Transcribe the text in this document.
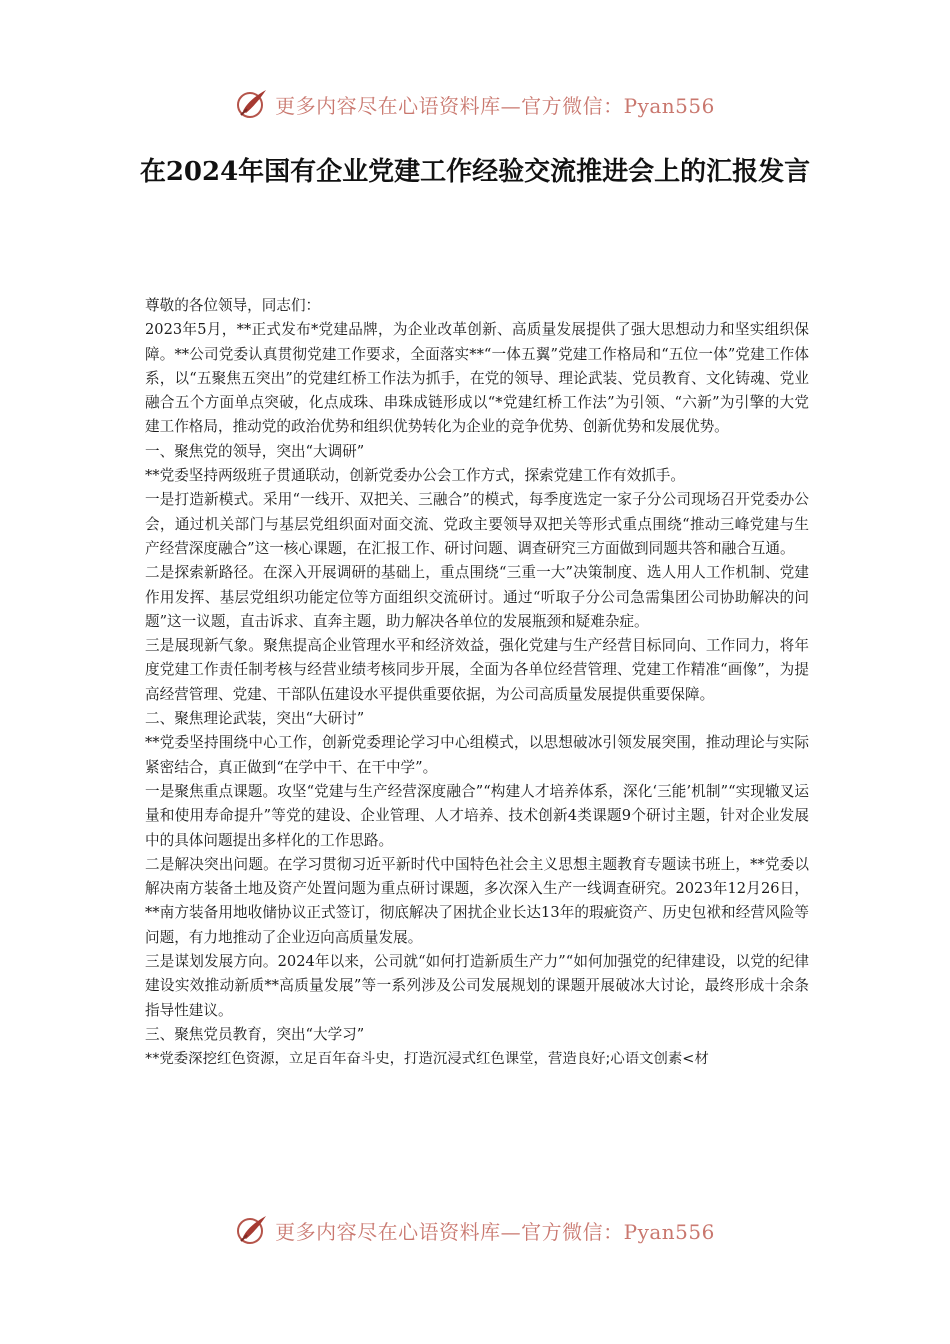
更多内容尽在心语资料库—官方微信：Pyan556
在2024年国有企业党建工作经验交流推进会上的汇报发言

尊敬的各位领导，同志们：

2023年5月，**正式发布*党建品牌，为企业改革创新、高质量发展提供了强大思想动力和坚实组织保障。**公司党委认真贯彻党建工作要求，全面落实**“一体五翼”党建工作格局和“五位一体”党建工作体系，以“五聚焦五突出”的党建红桥工作法为抓手，在党的领导、理论武装、党员教育、文化铸魂、党业融合五个方面单点突破，化点成珠、串珠成链形成以“*党建红桥工作法”为引领、“六新”为引擎的大党建工作格局，推动党的政治优势和组织优势转化为企业的竞争优势、创新优势和发展优势。

一、聚焦党的领导，突出“大调研”

**党委坚持两级班子贯通联动，创新党委办公会工作方式，探索党建工作有效抓手。

一是打造新模式。采用“一线开、双把关、三融合”的模式，每季度选定一家子分公司现场召开党委办公会，通过机关部门与基层党组织面对面交流、党政主要领导双把关等形式重点围绕“推动三峰党建与生产经营深度融合”这一核心课题，在汇报工作、研讨问题、调查研究三方面做到同题共答和融合互通。

二是探索新路径。在深入开展调研的基础上，重点围绕“三重一大”决策制度、选人用人工作机制、党建作用发挥、基层党组织功能定位等方面组织交流研讨。通过“听取子分公司急需集团公司协助解决的问题”这一议题，直击诉求、直奔主题，助力解决各单位的发展瓶颈和疑难杂症。

三是展现新气象。聚焦提高企业管理水平和经济效益，强化党建与生产经营目标同向、工作同力，将年度党建工作责任制考核与经营业绩考核同步开展，全面为各单位经营管理、党建工作精准“画像”，为提高经营管理、党建、干部队伍建设水平提供重要依据，为公司高质量发展提供重要保障。

二、聚焦理论武装，突出“大研讨”

**党委坚持围绕中心工作，创新党委理论学习中心组模式，以思想破冰引领发展突围，推动理论与实际紧密结合，真正做到“在学中干、在干中学”。

一是聚焦重点课题。攻坚“党建与生产经营深度融合”“构建人才培养体系，深化‘三能’机制”“实现辙叉运量和使用寿命提升”等党的建设、企业管理、人才培养、技术创新4类课题9个研讨主题，针对企业发展中的具体问题提出多样化的工作思路。

二是解决突出问题。在学习贯彻习近平新时代中国特色社会主义思想主题教育专题读书班上，**党委以解决南方装备土地及资产处置问题为重点研讨课题，多次深入生产一线调查研究。2023年12月26日，**南方装备用地收储协议正式签订，彻底解决了困扰企业长达13年的瑕疵资产、历史包袱和经营风险等问题，有力地推动了企业迈向高质量发展。

三是谋划发展方向。2024年以来，公司就“如何打造新质生产力”“如何加强党的纪律建设，以党的纪律建设实效推动新质**高质量发展”等一系列涉及公司发展规划的课题开展破冰大讨论，最终形成十余条指导性建议。

三、聚焦党员教育，突出“大学习”

**党委深挖红色资源，立足百年奋斗史，打造沉浸式红色课堂，营造良好;心语文创素<材

更多内容尽在心语资料库—官方微信：Pyan556
